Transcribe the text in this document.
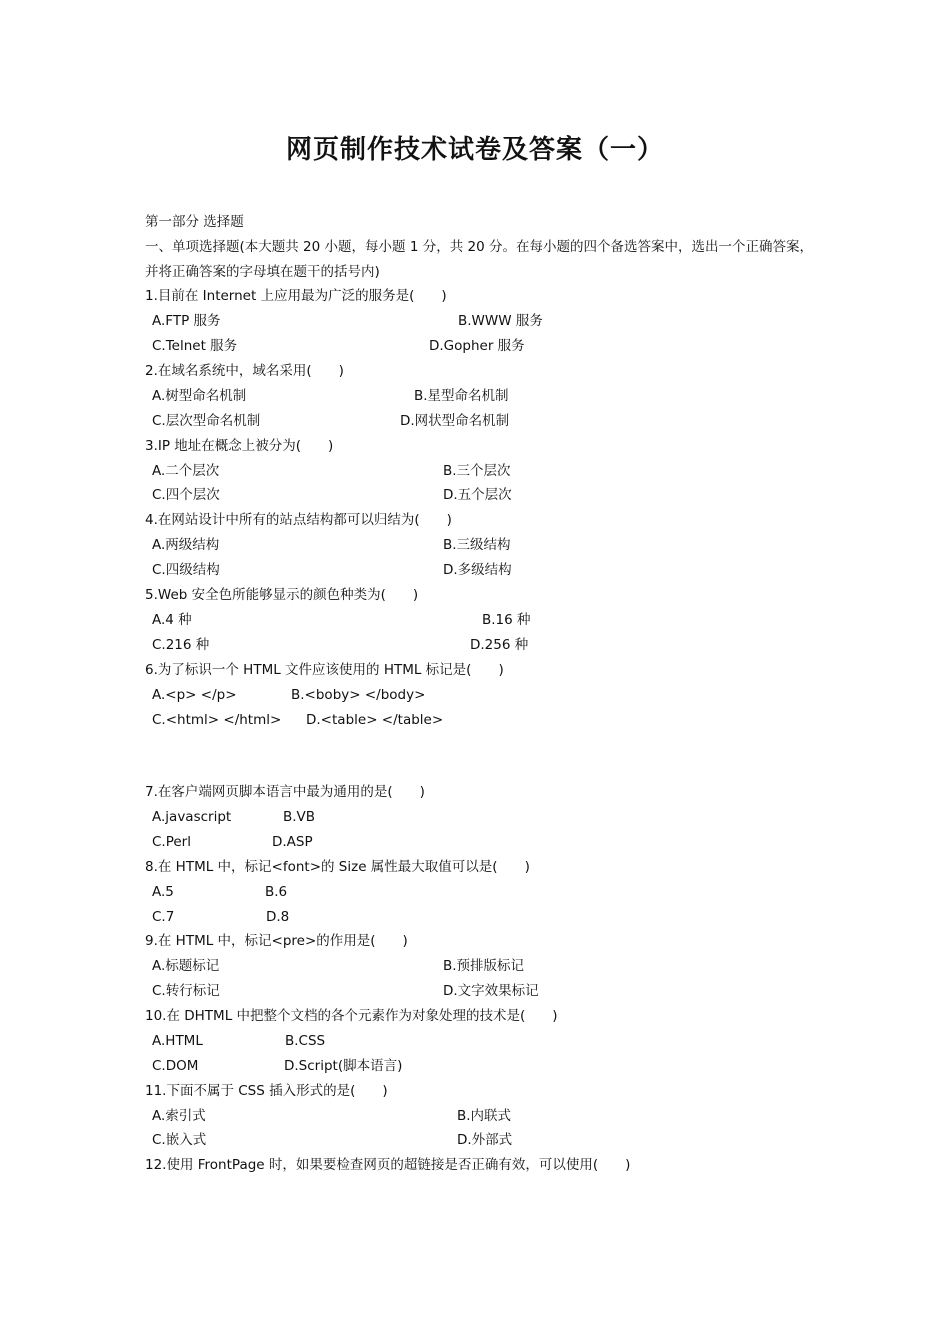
网页制作技术试卷及答案（一）
第一部分 选择题
一、单项选择题(本大题共 20 小题，每小题 1 分，共 20 分。在每小题的四个备选答案中，选出一个正确答案，
并将正确答案的字母填在题干的括号内)
1.目前在 Internet 上应用最为广泛的服务是(　　)
A.FTP 服务	B.WWW 服务
C.Telnet 服务	D.Gopher 服务
2.在域名系统中，域名采用(　　)
A.树型命名机制	B.星型命名机制
C.层次型命名机制	D.网状型命名机制
3.IP 地址在概念上被分为(　　)
A.二个层次	B.三个层次
C.四个层次	D.五个层次
4.在网站设计中所有的站点结构都可以归结为(　　)
A.两级结构	B.三级结构
C.四级结构	D.多级结构
5.Web 安全色所能够显示的颜色种类为(　　)
A.4 种	B.16 种
C.216 种	D.256 种
6.为了标识一个 HTML 文件应该使用的 HTML 标记是(　　)
A.<p> </p>	B.<boby> </body>
C.<html> </html> D.<table> </table>
7.在客户端网页脚本语言中最为通用的是(　　)
A.javascript	B.VB
C.Perl	D.ASP
8.在 HTML 中，标记<font>的 Size 属性最大取值可以是(　　)
A.5	B.6
C.7	D.8
9.在 HTML 中，标记<pre>的作用是(　　)
A.标题标记	B.预排版标记
C.转行标记	D.文字效果标记
10.在 DHTML 中把整个文档的各个元素作为对象处理的技术是(　　)
A.HTML	B.CSS
C.DOM	D.Script(脚本语言)
11.下面不属于 CSS 插入形式的是(　　)
A.索引式	B.内联式
C.嵌入式	D.外部式
12.使用 FrontPage 时，如果要检查网页的超链接是否正确有效，可以使用(　　)
